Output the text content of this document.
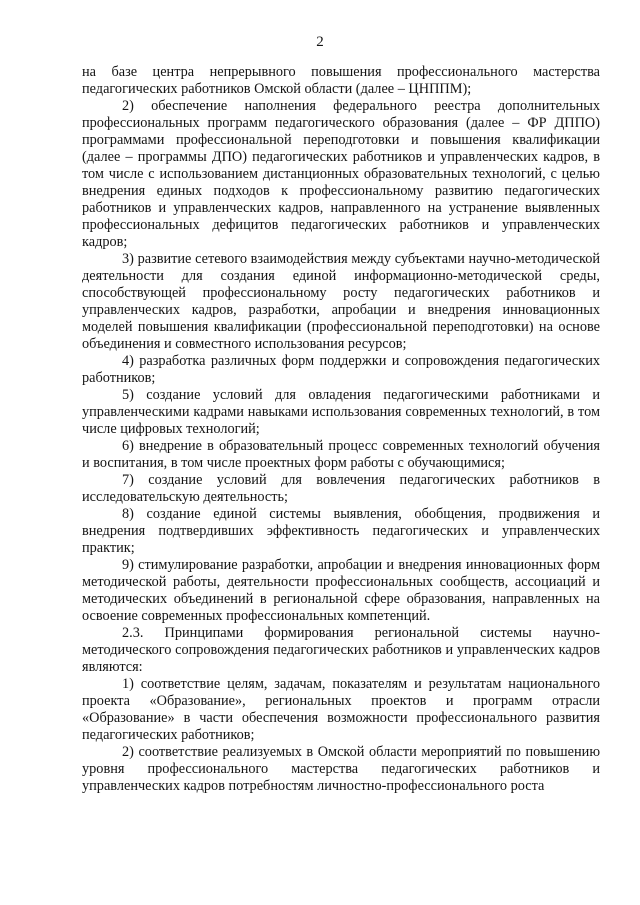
2

на базе центра непрерывного повышения профессионального мастерства педагогических работников Омской области (далее – ЦНППМ);

2) обеспечение наполнения федерального реестра дополнительных профессиональных программ педагогического образования (далее – ФР ДППО) программами профессиональной переподготовки и повышения квалификации (далее – программы ДПО) педагогических работников и управленческих кадров, в том числе с использованием дистанционных образовательных технологий, с целью внедрения единых подходов к профессиональному развитию педагогических работников и управленческих кадров, направленного на устранение выявленных профессиональных дефицитов педагогических работников и управленческих кадров;

3) развитие сетевого взаимодействия между субъектами научно-методической деятельности для создания единой информационно-методической среды, способствующей профессиональному росту педагогических работников и управленческих кадров, разработки, апробации и внедрения инновационных моделей повышения квалификации (профессиональной переподготовки) на основе объединения и совместного использования ресурсов;

4) разработка различных форм поддержки и сопровождения педагогических работников;

5) создание условий для овладения педагогическими работниками и управленческими кадрами навыками использования современных технологий, в том числе цифровых технологий;

6) внедрение в образовательный процесс современных технологий обучения и воспитания, в том числе проектных форм работы с обучающимися;

7) создание условий для вовлечения педагогических работников в исследовательскую деятельность;

8) создание единой системы выявления, обобщения, продвижения и внедрения подтвердивших эффективность педагогических и управленческих практик;

9) стимулирование разработки, апробации и внедрения инновационных форм методической работы, деятельности профессиональных сообществ, ассоциаций и методических объединений в региональной сфере образования, направленных на освоение современных профессиональных компетенций.

2.3. Принципами формирования региональной системы научно-методического сопровождения педагогических работников и управленческих кадров являются:

1) соответствие целям, задачам, показателям и результатам национального проекта «Образование», региональных проектов и программ отрасли «Образование» в части обеспечения возможности профессионального развития педагогических работников;

2) соответствие реализуемых в Омской области мероприятий по повышению уровня профессионального мастерства педагогических работников и управленческих кадров потребностям личностно-профессионального роста
